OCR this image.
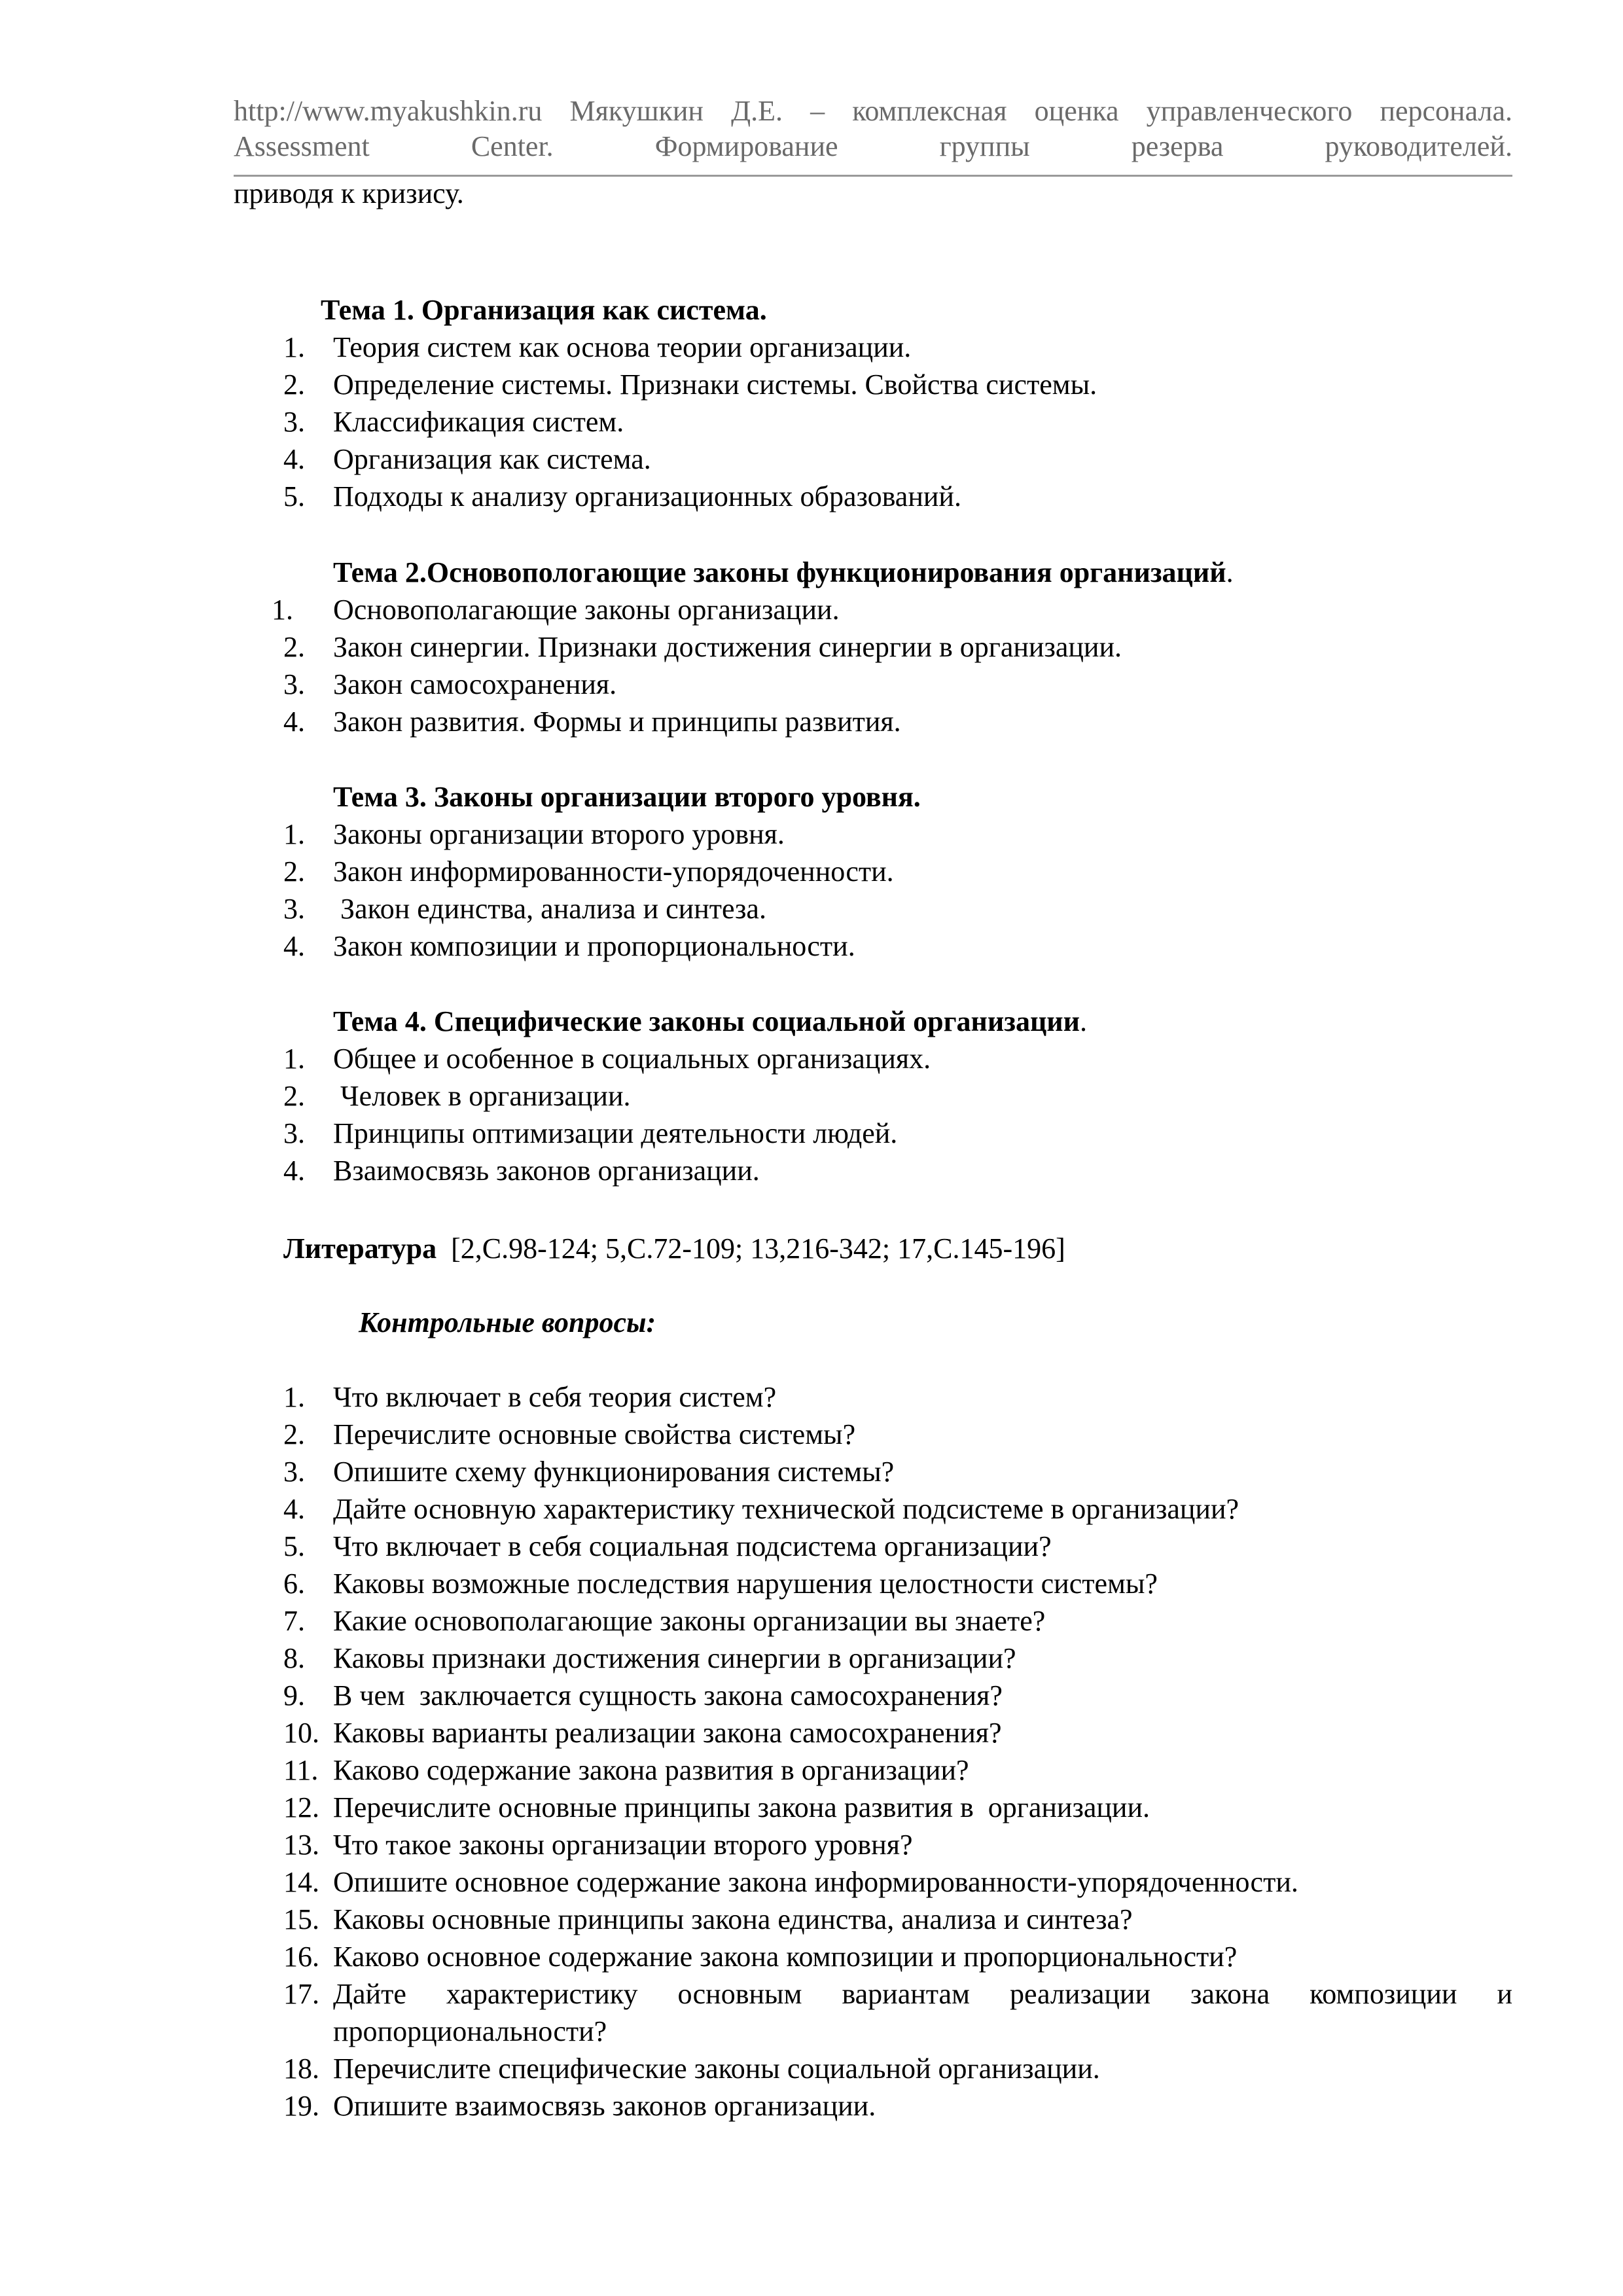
http://www.myakushkin.ru Мякушкин Д.Е. – комплексная оценка управленческого персонала.
Assessment	Center.	Формирование	группы	резерва	руководителей.
приводя к кризису.
Тема 1. Организация как система.
1. Теория систем как основа теории организации.
2. Определение системы. Признаки системы. Свойства системы.
3. Классификация систем.
4. Организация как система.
5. Подходы к анализу организационных образований.
Тема 2.Основопологающие законы функционирования организаций.
1. Основополагающие законы организации.
2. Закон синергии. Признаки достижения синергии в организации.
3. Закон самосохранения.
4. Закон развития. Формы и принципы развития.
Тема 3. Законы организации второго уровня.
1. Законы организации второго уровня.
2. Закон информированности-упорядоченности.
3. Закон единства, анализа и синтеза.
4. Закон композиции и пропорциональности.
Тема 4. Специфические законы социальной организации.
1. Общее и особенное в социальных организациях.
2. Человек в организации.
3. Принципы оптимизации деятельности людей.
4. Взаимосвязь законов организации.
Литература  [2,С.98-124; 5,С.72-109; 13,216-342; 17,С.145-196]
Контрольные вопросы:
1. Что включает в себя теория систем?
2. Перечислите основные свойства системы?
3. Опишите схему функционирования системы?
4. Дайте основную характеристику технической подсистеме в организации?
5. Что включает в себя социальная подсистема организации?
6. Каковы возможные последствия нарушения целостности системы?
7. Какие основополагающие законы организации вы знаете?
8. Каковы признаки достижения синергии в организации?
9. В чем  заключается сущность закона самосохранения?
10. Каковы варианты реализации закона самосохранения?
11. Каково содержание закона развития в организации?
12. Перечислите основные принципы закона развития в  организации.
13. Что такое законы организации второго уровня?
14. Опишите основное содержание закона информированности-упорядоченности.
15. Каковы основные принципы закона единства, анализа и синтеза?
16. Каково основное содержание закона композиции и пропорциональности?
17. Дайте характеристику основным вариантам реализации закона композиции и
пропорциональности?
18. Перечислите специфические законы социальной организации.
19. Опишите взаимосвязь законов организации.
